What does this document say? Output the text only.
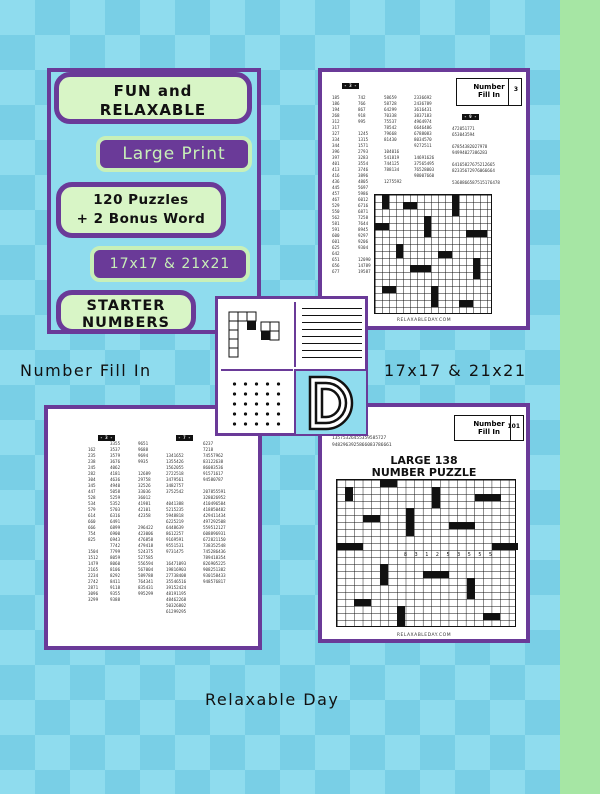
FUN and
RELAXABLE
Large Print
120 Puzzles
+ 2 Bonus Word
17x17 & 21x21
STARTER
NUMBERS

- 3 -

185
186
194
268
312
317
327
334
344
396
397
401
413
416
436
445
457
467
529
550
562
581
591
600
601
625
642
651
656
677

742
766
867
918
995

1245
1315
1571
2793
3283
3554
3746
3896
4805
5697
5986
6012
6716
6871
7258
7644
8945
9297
9206
9304

12090
14789
19587

58659
58728
64299
70338
75537
78542
79668
81430

104016
541819
744125
788134

1275592

2336692
2436789
3616431
3837183
4964974
6646486
6788083
8034570
9272511

14691626
37565495
76528003
98007660

- 9 -

472051771
653043594

67854382027978
94994027386283

64165827675212665
82335672976066664

5368866587515176478

Number
Fill In
3
RELAXABLEDAY.COM

- 3 -

162
235
238
245
282
304
345
447
528
534
579
614
660
666
754
825

1504
1512
1479
2165
2234
2742
2871
3096
3299

3355
3537
3579
3676
4062
4181
4636
4940
5058
5259
5352
5703
6316
6491
6899
6900
6943
7742
7799
8059
8060
8106
8292
8411
9118
9355
9388

9651
9688
9694
9935

12689
29758
32526
33036
36012
41981
42101
42358

296422
423006
476858
479418
524375
527585
556594
567004
589788
764341
835431
995299

- 7 -

1341652
1355426
1562055
2722518
3479561
3482757
3752542

4041388
5215235
5948818
6225219
6448639
8612257
9169591
9551531
9731475

16471093
19816903
27738408
35546516
39152424
48191195
48462268
50326802
61299295

6237
7218
74557962
83122638
86083536
91571617
94580787

207855591
328026952
410496584
418850482
429411434
497292508
559512127
608896931
672821150
738352548
745286436
789418354
826905225
908251382
930158433
948576817

13575326455359585727
9482963925866083786661
Number
Fill In
101
LARGE 138
NUMBER PUZZLE
8 3 1 2 5 3 5 5 5
RELAXABLEDAY.COM
Number Fill In	17x17 & 21x21
Relaxable Day
